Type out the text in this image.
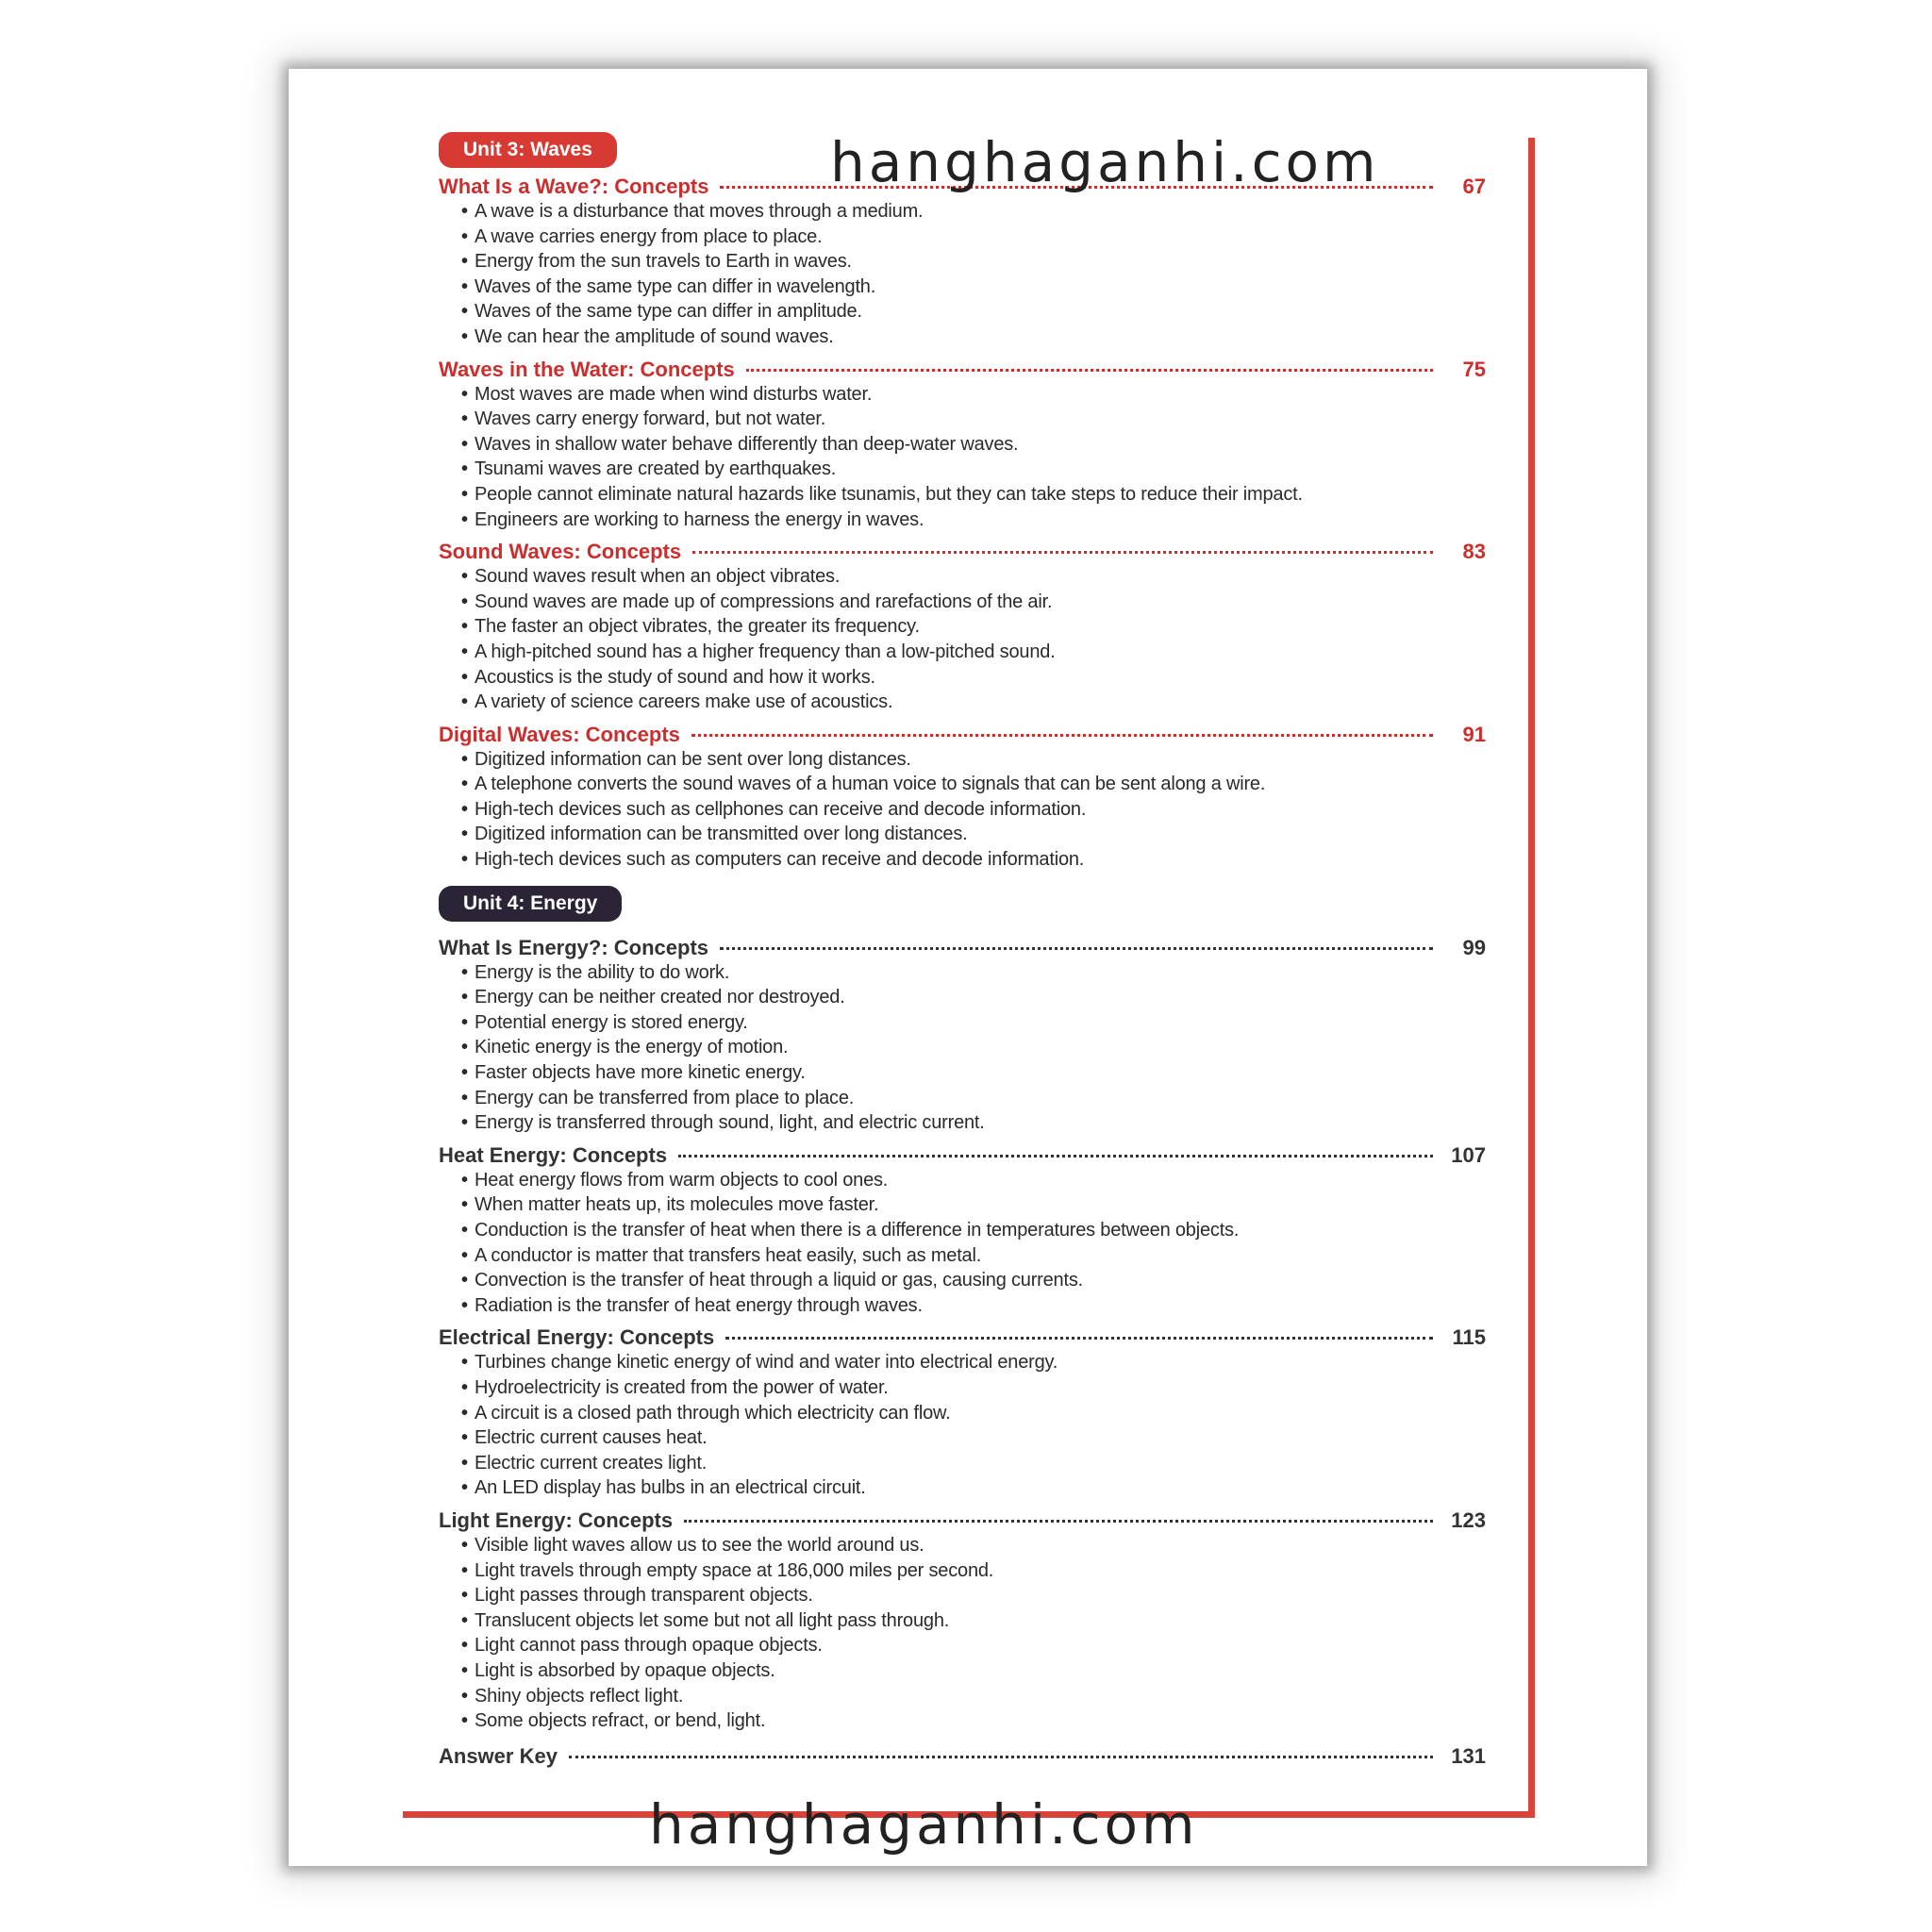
Unit 3: Waves
What Is a Wave?: Concepts	67
• A wave is a disturbance that moves through a medium.
• A wave carries energy from place to place.
• Energy from the sun travels to Earth in waves.
• Waves of the same type can differ in wavelength.
• Waves of the same type can differ in amplitude.
• We can hear the amplitude of sound waves.
Waves in the Water: Concepts	75
• Most waves are made when wind disturbs water.
• Waves carry energy forward, but not water.
• Waves in shallow water behave differently than deep-water waves.
• Tsunami waves are created by earthquakes.
• People cannot eliminate natural hazards like tsunamis, but they can take steps to reduce their impact.
• Engineers are working to harness the energy in waves.
Sound Waves: Concepts	83
• Sound waves result when an object vibrates.
• Sound waves are made up of compressions and rarefactions of the air.
• The faster an object vibrates, the greater its frequency.
• A high-pitched sound has a higher frequency than a low-pitched sound.
• Acoustics is the study of sound and how it works.
• A variety of science careers make use of acoustics.
Digital Waves: Concepts	91
• Digitized information can be sent over long distances.
• A telephone converts the sound waves of a human voice to signals that can be sent along a wire.
• High-tech devices such as cellphones can receive and decode information.
• Digitized information can be transmitted over long distances.
• High-tech devices such as computers can receive and decode information.
Unit 4: Energy
What Is Energy?: Concepts	99
• Energy is the ability to do work.
• Energy can be neither created nor destroyed.
• Potential energy is stored energy.
• Kinetic energy is the energy of motion.
• Faster objects have more kinetic energy.
• Energy can be transferred from place to place.
• Energy is transferred through sound, light, and electric current.
Heat Energy: Concepts	107
• Heat energy flows from warm objects to cool ones.
• When matter heats up, its molecules move faster.
• Conduction is the transfer of heat when there is a difference in temperatures between objects.
• A conductor is matter that transfers heat easily, such as metal.
• Convection is the transfer of heat through a liquid or gas, causing currents.
• Radiation is the transfer of heat energy through waves.
Electrical Energy: Concepts	115
• Turbines change kinetic energy of wind and water into electrical energy.
• Hydroelectricity is created from the power of water.
• A circuit is a closed path through which electricity can flow.
• Electric current causes heat.
• Electric current creates light.
• An LED display has bulbs in an electrical circuit.
Light Energy: Concepts	123
• Visible light waves allow us to see the world around us.
• Light travels through empty space at 186,000 miles per second.
• Light passes through transparent objects.
• Translucent objects let some but not all light pass through.
• Light cannot pass through opaque objects.
• Light is absorbed by opaque objects.
• Shiny objects reflect light.
• Some objects refract, or bend, light.
Answer Key	131
hanghaganhi.com
hanghaganhi.com
